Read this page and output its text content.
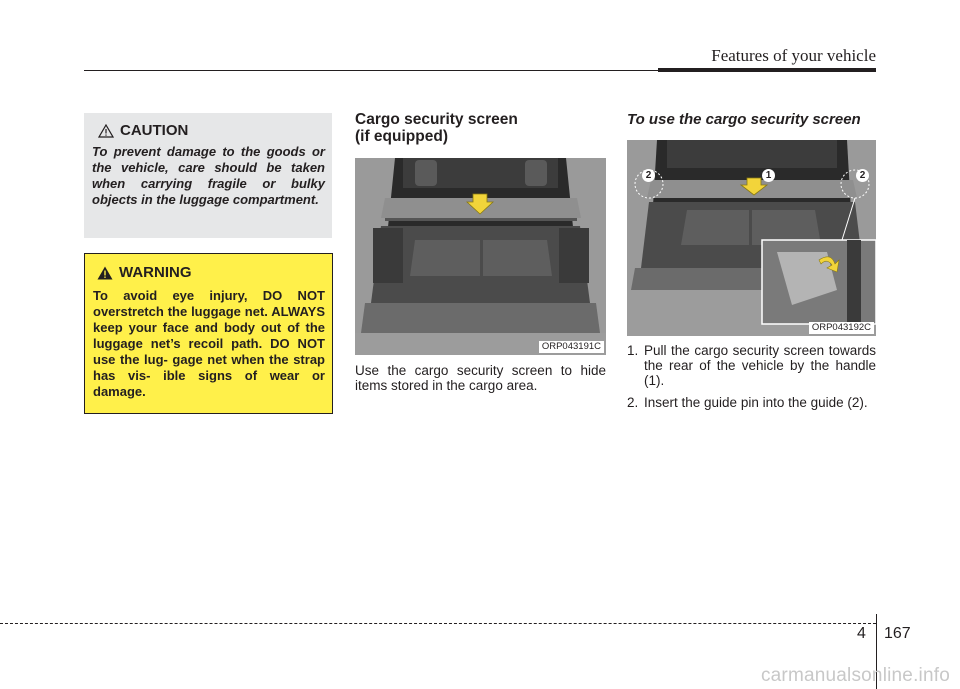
Features of your vehicle
CAUTION
To prevent damage to the goods or the vehicle, care should be taken when carrying fragile or bulky objects in the luggage compartment.
WARNING
To avoid eye injury, DO NOT overstretch the luggage net. ALWAYS keep your face and body out of the luggage net’s recoil path. DO NOT use the lug- gage net when the strap has vis- ible signs of wear or damage.
Cargo security screen
(if equipped)
ORP043191C
Use the cargo security screen to hide items stored in the cargo area.
To use the cargo security screen
1
2	2
ORP043192C
1. Pull the cargo security screen towards the rear of the vehicle by the handle (1).
2. Insert the guide pin into the guide (2).
4 167
carmanualsonline.info
